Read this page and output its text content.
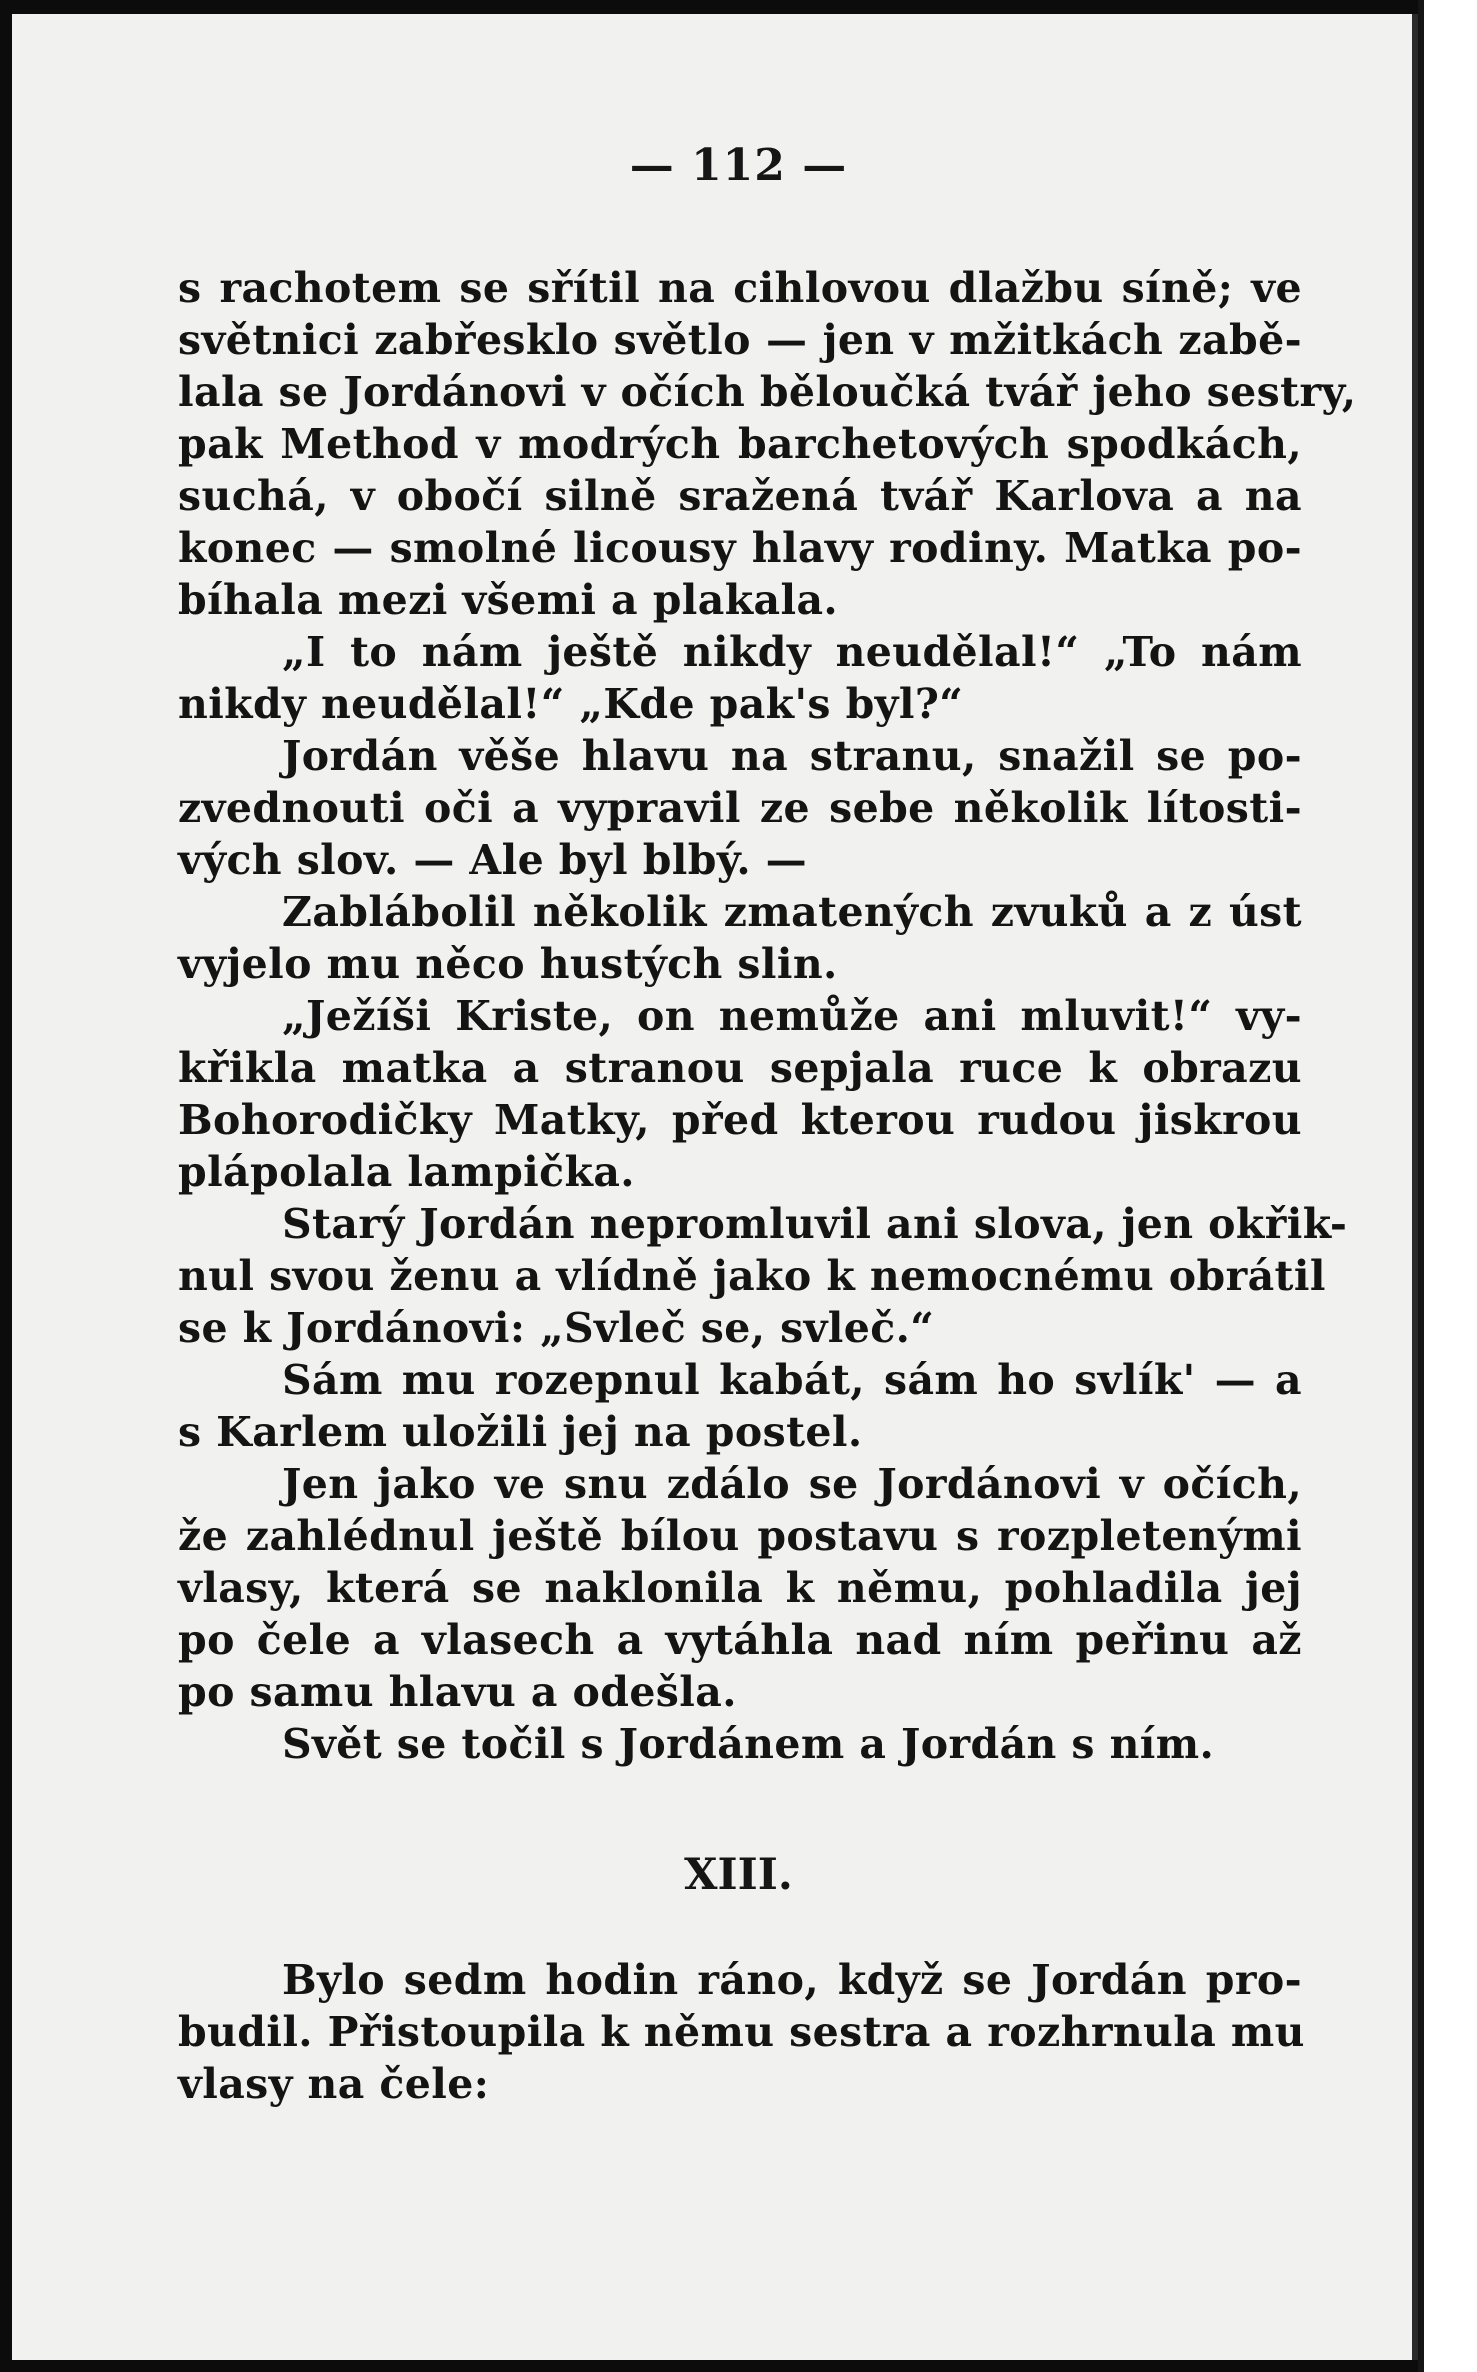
— 112 —
s rachotem se sřítil na cihlovou dlažbu síně; ve
světnici zabřesklo světlo — jen v mžitkách zabě-
lala se Jordánovi v očích běloučká tvář jeho sestry,
pak Method v modrých barchetových spodkách,
suchá, v obočí silně sražená tvář Karlova a na
konec — smolné licousy hlavy rodiny. Matka po-
bíhala mezi všemi a plakala.
„I to nám ještě nikdy neudělal!“ „To nám
nikdy neudělal!“ „Kde pak's byl?“
Jordán věše hlavu na stranu, snažil se po-
zvednouti oči a vypravil ze sebe několik lítosti-
vých slov. — Ale byl blbý. —
Zablábolil několik zmatených zvuků a z úst
vyjelo mu něco hustých slin.
„Ježíši Kriste, on nemůže ani mluvit!“ vy-
křikla matka a stranou sepjala ruce k obrazu
Bohorodičky Matky, před kterou rudou jiskrou
plápolala lampička.
Starý Jordán nepromluvil ani slova, jen okřik-
nul svou ženu a vlídně jako k nemocnému obrátil
se k Jordánovi: „Svleč se, svleč.“
Sám mu rozepnul kabát, sám ho svlík' — a
s Karlem uložili jej na postel.
Jen jako ve snu zdálo se Jordánovi v očích,
že zahlédnul ještě bílou postavu s rozpletenými
vlasy, která se naklonila k němu, pohladila jej
po čele a vlasech a vytáhla nad ním peřinu až
po samu hlavu a odešla.
Svět se točil s Jordánem a Jordán s ním.
XIII.
Bylo sedm hodin ráno, když se Jordán pro-
budil. Přistoupila k němu sestra a rozhrnula mu
vlasy na čele:
